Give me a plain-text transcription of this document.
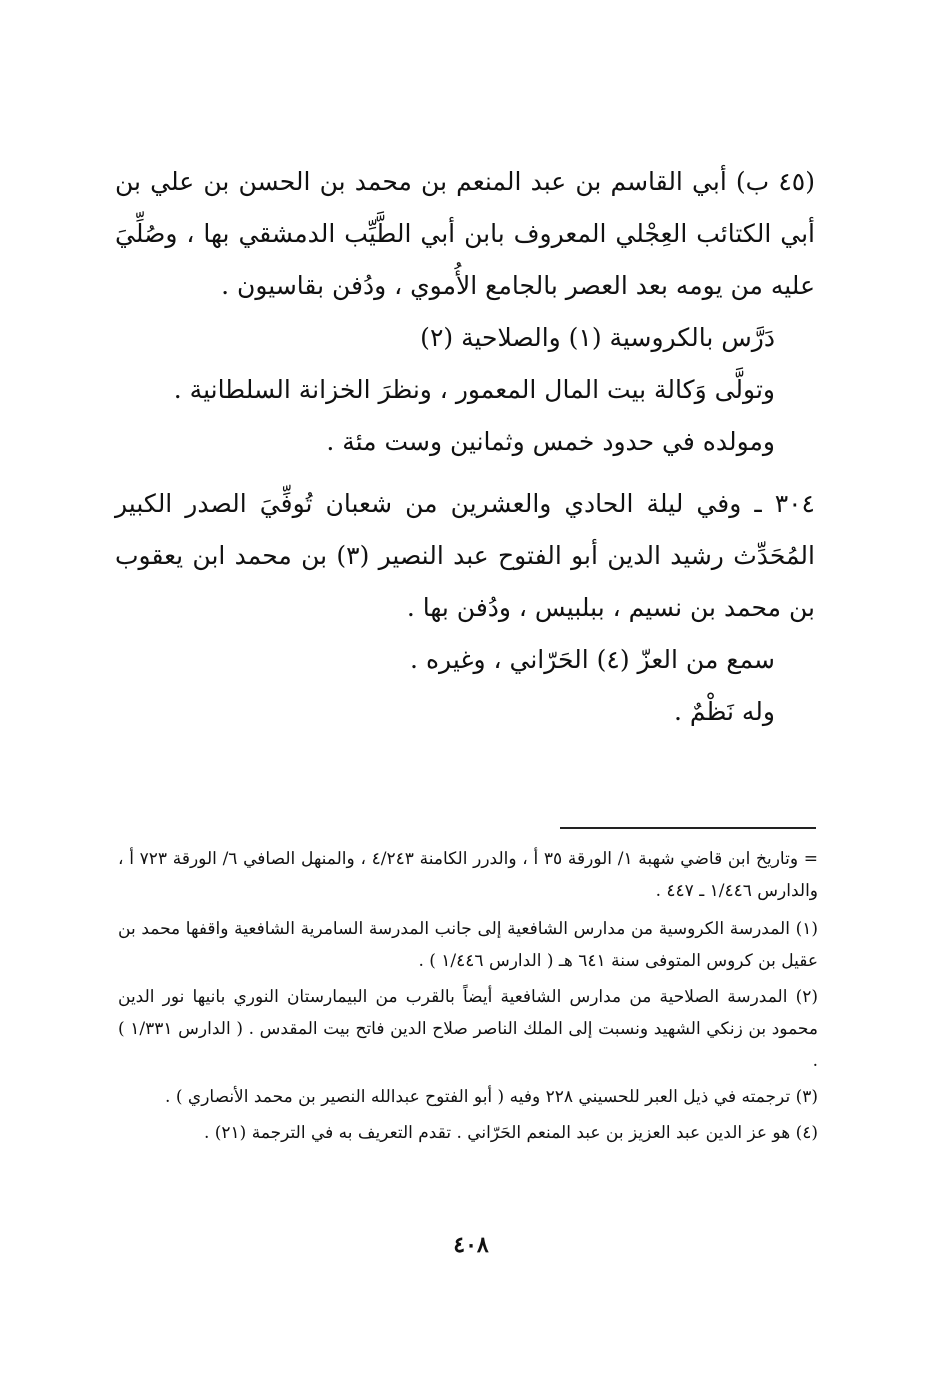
(٤٥ ب) أبي القاسم بن عبد المنعم بن محمد بن الحسن بن علي بن أبي الكتائب العِجْلي المعروف بابن أبي الطَّيِّب الدمشقي بها ، وصُلِّيَ عليه من يومه بعد العصر بالجامع الأُموي ، ودُفن بقاسيون .

دَرَّس بالكروسية (١) والصلاحية (٢)

وتولَّى وَكالة بيت المال المعمور ، ونظرَ الخزانة السلطانية .

ومولده في حدود خمس وثمانين وست مئة .

٣٠٤ ـ وفي ليلة الحادي والعشرين من شعبان تُوفِّيَ الصدر الكبير المُحَدِّث رشيد الدين أبو الفتوح عبد النصير (٣) بن محمد ابن يعقوب بن محمد بن نسيم ، ببلبيس ، ودُفن بها .

سمع من العزّ (٤) الحَرّاني ، وغيره .

وله نَظْمٌ .

= وتاريخ ابن قاضي شهبة ١/ الورقة ٣٥ أ ، والدرر الكامنة ٤/٢٤٣ ، والمنهل الصافي ٦/ الورقة ٧٢٣ أ ، والدارس ١/٤٤٦ ـ ٤٤٧ .

(١) المدرسة الكروسية من مدارس الشافعية إلى جانب المدرسة السامرية الشافعية واقفها محمد بن عقيل بن كروس المتوفى سنة ٦٤١ هـ ( الدارس ١/٤٤٦ ) .

(٢) المدرسة الصلاحية من مدارس الشافعية أيضاً بالقرب من البيمارستان النوري بانيها نور الدين محمود بن زنكي الشهيد ونسبت إلى الملك الناصر صلاح الدين فاتح بيت المقدس . ( الدارس ١/٣٣١ ) .

(٣) ترجمته في ذيل العبر للحسيني ٢٢٨ وفيه ( أبو الفتوح عبدالله النصير بن محمد الأنصاري ) .

(٤) هو عز الدين عبد العزيز بن عبد المنعم الحَرّاني . تقدم التعريف به في الترجمة (٢١) .

٤٠٨
